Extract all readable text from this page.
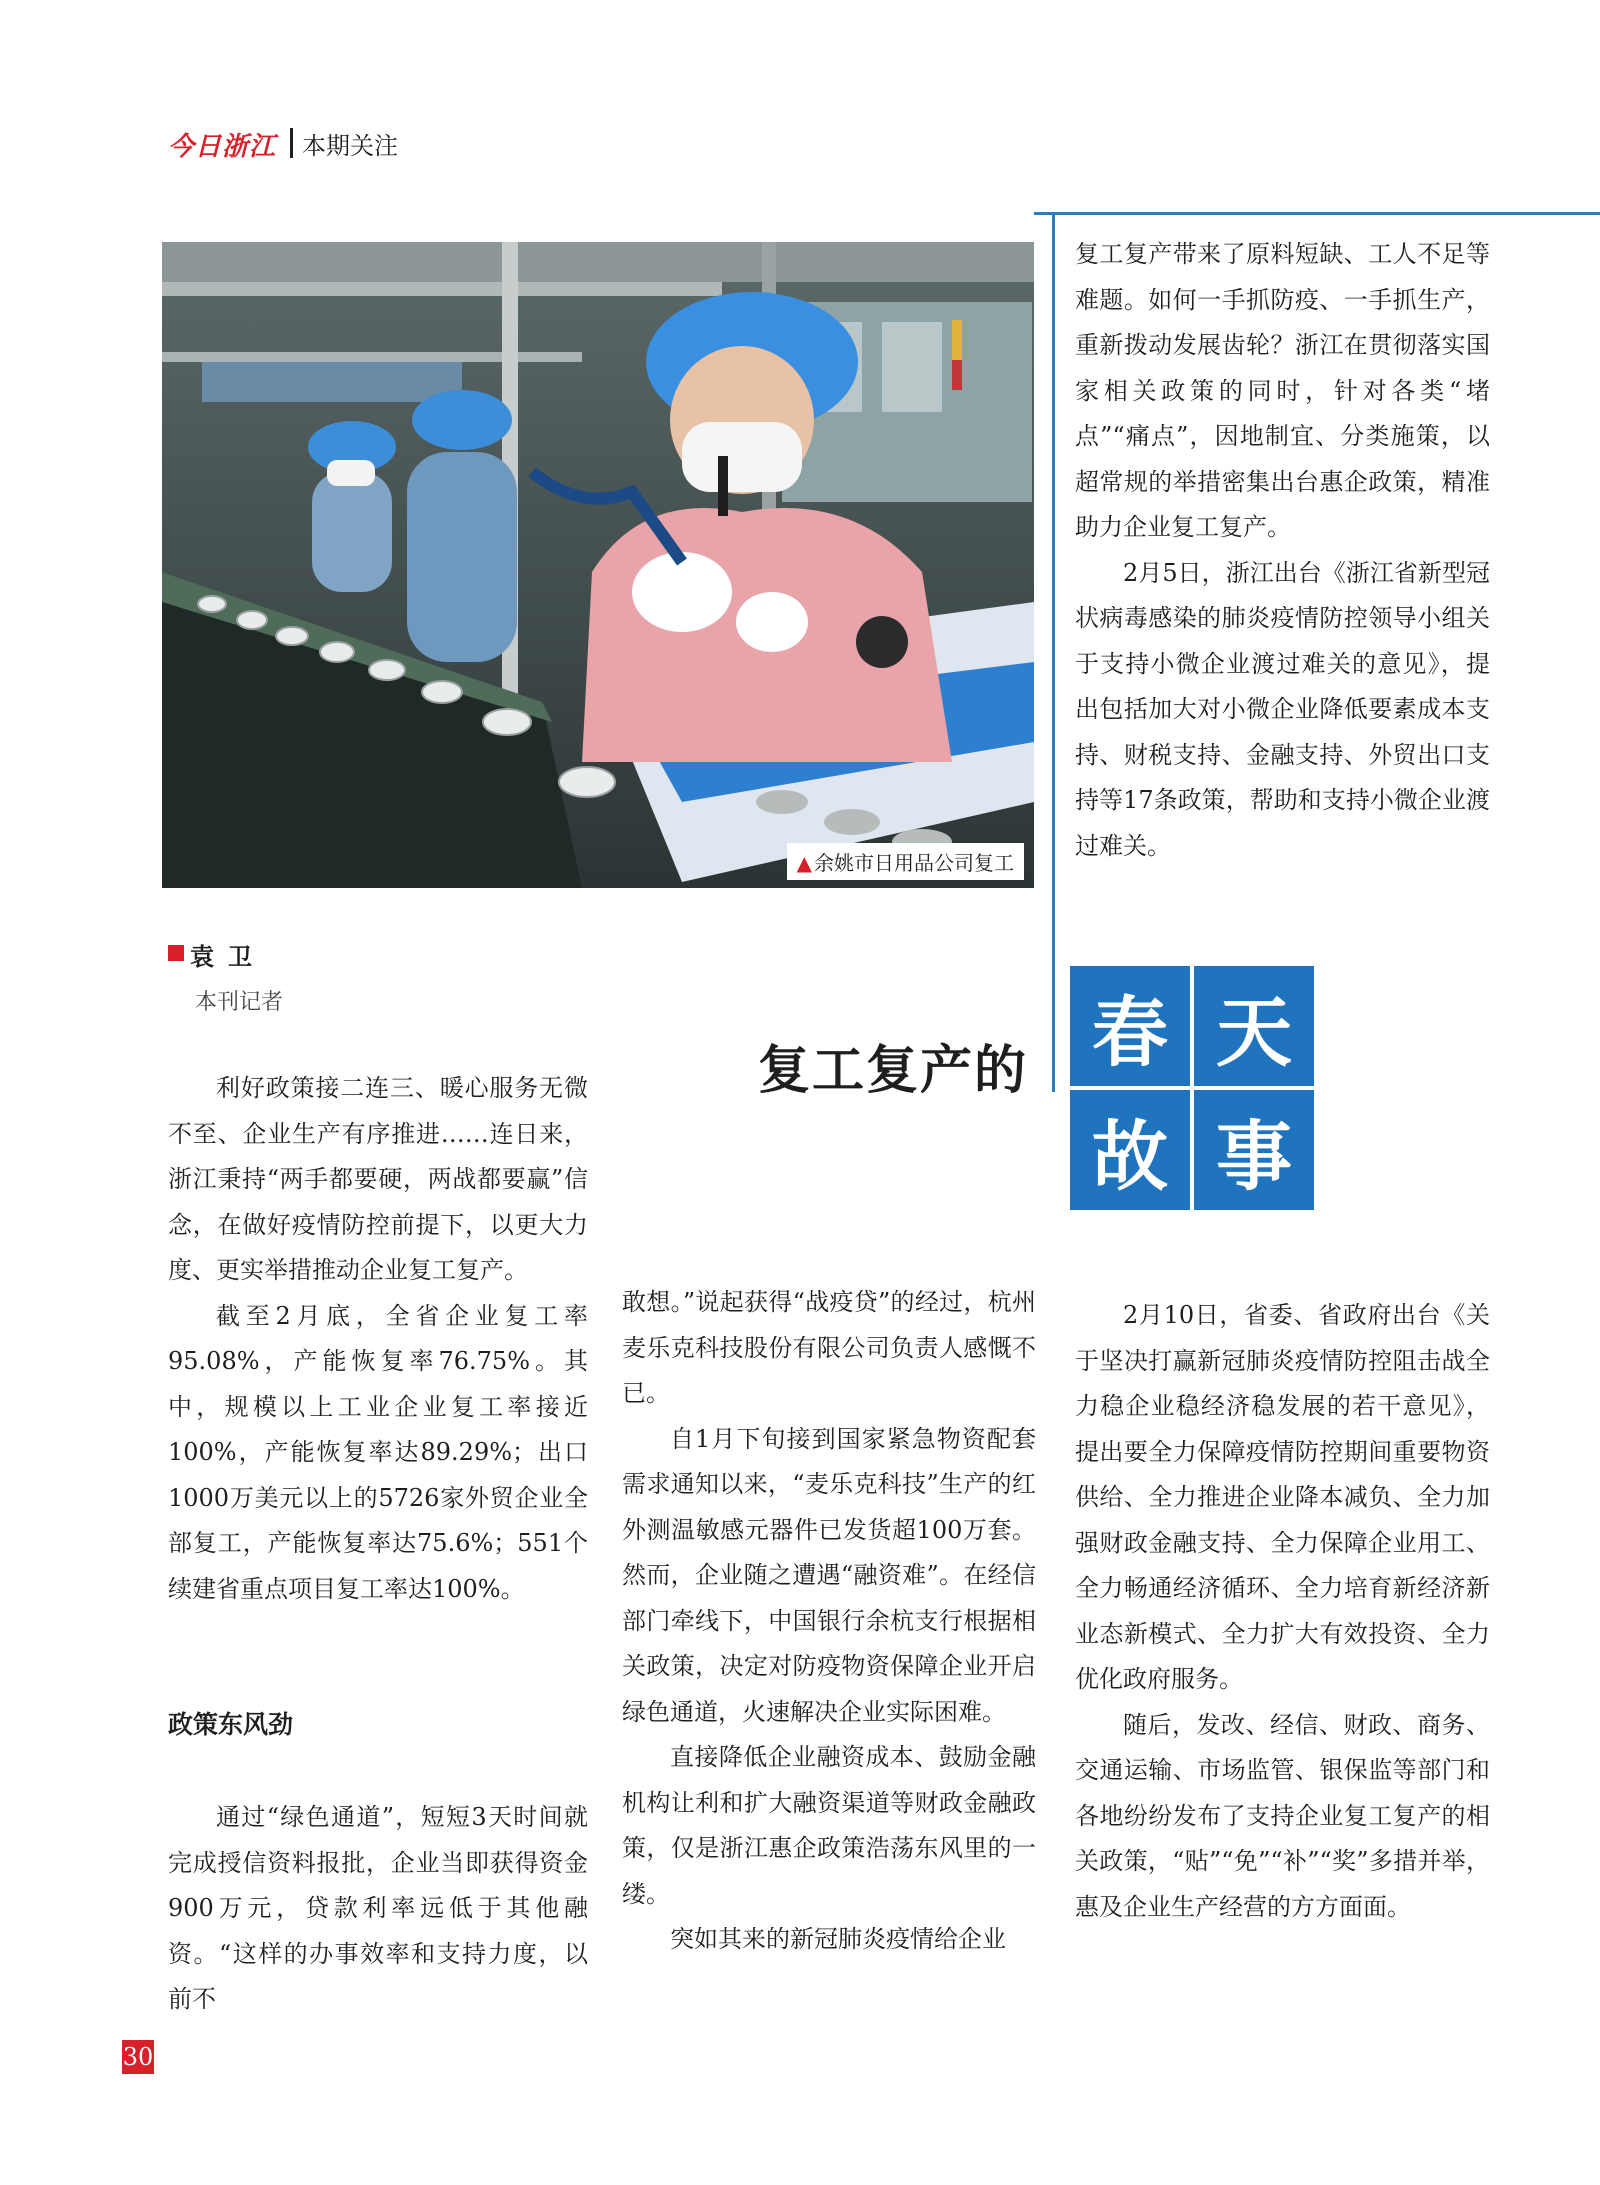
今日浙江 本期关注
▲ 余姚市日用品公司复工
袁卫
本刊记者
复工复产的 春 天
故 事

利好政策接二连三、暖心服务无微不至、企业生产有序推进……连日来，浙江秉持“两手都要硬，两战都要赢”信念，在做好疫情防控前提下，以更大力度、更实举措推动企业复工复产。

截至2月底，全省企业复工率95.08%，产能恢复率76.75%。其中，规模以上工业企业复工率接近100%，产能恢复率达89.29%；出口1000万美元以上的5726家外贸企业全部复工，产能恢复率达75.6%；551个续建省重点项目复工率达100%。

政策东风劲

通过“绿色通道”，短短3天时间就完成授信资料报批，企业当即获得资金900万元，贷款利率远低于其他融资。“这样的办事效率和支持力度，以前不

敢想。”说起获得“战疫贷”的经过，杭州麦乐克科技股份有限公司负责人感慨不已。

自1月下旬接到国家紧急物资配套需求通知以来，“麦乐克科技”生产的红外测温敏感元器件已发货超100万套。然而，企业随之遭遇“融资难”。在经信部门牵线下，中国银行余杭支行根据相关政策，决定对防疫物资保障企业开启绿色通道，火速解决企业实际困难。

直接降低企业融资成本、鼓励金融机构让利和扩大融资渠道等财政金融政策，仅是浙江惠企政策浩荡东风里的一缕。

突如其来的新冠肺炎疫情给企业

复工复产带来了原料短缺、工人不足等难题。如何一手抓防疫、一手抓生产，重新拨动发展齿轮？浙江在贯彻落实国家相关政策的同时，针对各类“堵点”“痛点”，因地制宜、分类施策，以超常规的举措密集出台惠企政策，精准助力企业复工复产。

2月5日，浙江出台《浙江省新型冠状病毒感染的肺炎疫情防控领导小组关于支持小微企业渡过难关的意见》，提出包括加大对小微企业降低要素成本支持、财税支持、金融支持、外贸出口支持等17条政策，帮助和支持小微企业渡过难关。

2月10日，省委、省政府出台《关于坚决打赢新冠肺炎疫情防控阻击战全力稳企业稳经济稳发展的若干意见》，提出要全力保障疫情防控期间重要物资供给、全力推进企业降本减负、全力加强财政金融支持、全力保障企业用工、全力畅通经济循环、全力培育新经济新业态新模式、全力扩大有效投资、全力优化政府服务。

随后，发改、经信、财政、商务、交通运输、市场监管、银保监等部门和各地纷纷发布了支持企业复工复产的相关政策，“贴”“免”“补”“奖”多措并举，惠及企业生产经营的方方面面。

30
